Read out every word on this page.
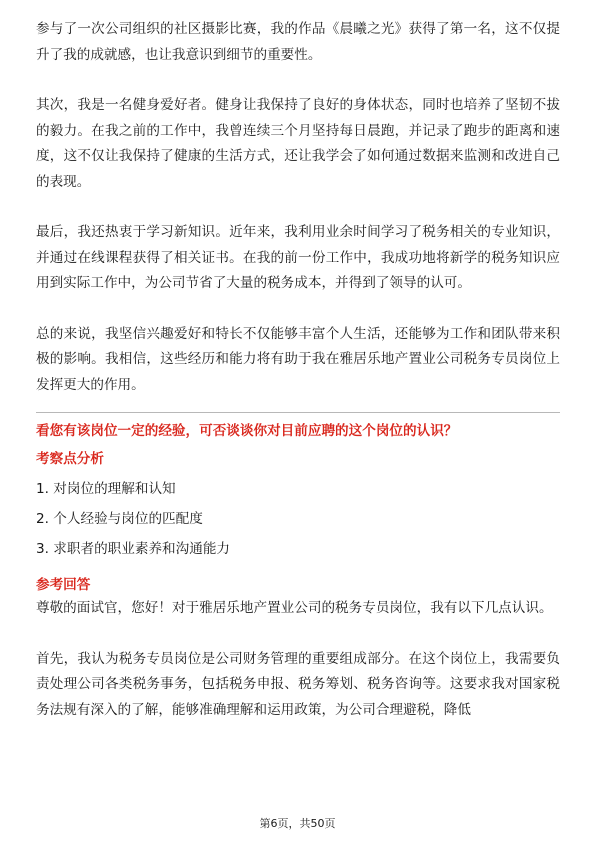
参与了一次公司组织的社区摄影比赛，我的作品《晨曦之光》获得了第一名，这不仅提升了我的成就感，也让我意识到细节的重要性。

其次，我是一名健身爱好者。健身让我保持了良好的身体状态，同时也培养了坚韧不拔的毅力。在我之前的工作中，我曾连续三个月坚持每日晨跑，并记录了跑步的距离和速度，这不仅让我保持了健康的生活方式，还让我学会了如何通过数据来监测和改进自己的表现。

最后，我还热衷于学习新知识。近年来，我利用业余时间学习了税务相关的专业知识，并通过在线课程获得了相关证书。在我的前一份工作中，我成功地将新学的税务知识应用到实际工作中，为公司节省了大量的税务成本，并得到了领导的认可。

总的来说，我坚信兴趣爱好和特长不仅能够丰富个人生活，还能够为工作和团队带来积极的影响。我相信，这些经历和能力将有助于我在雅居乐地产置业公司税务专员岗位上发挥更大的作用。

看您有该岗位一定的经验，可否谈谈你对目前应聘的这个岗位的认识？

考察点分析

1. 对岗位的理解和认知

2. 个人经验与岗位的匹配度

3. 求职者的职业素养和沟通能力

参考回答

尊敬的面试官，您好！对于雅居乐地产置业公司的税务专员岗位，我有以下几点认识。

首先，我认为税务专员岗位是公司财务管理的重要组成部分。在这个岗位上，我需要负责处理公司各类税务事务，包括税务申报、税务筹划、税务咨询等。这要求我对国家税务法规有深入的了解，能够准确理解和运用政策，为公司合理避税，降低

第6页，共50页
